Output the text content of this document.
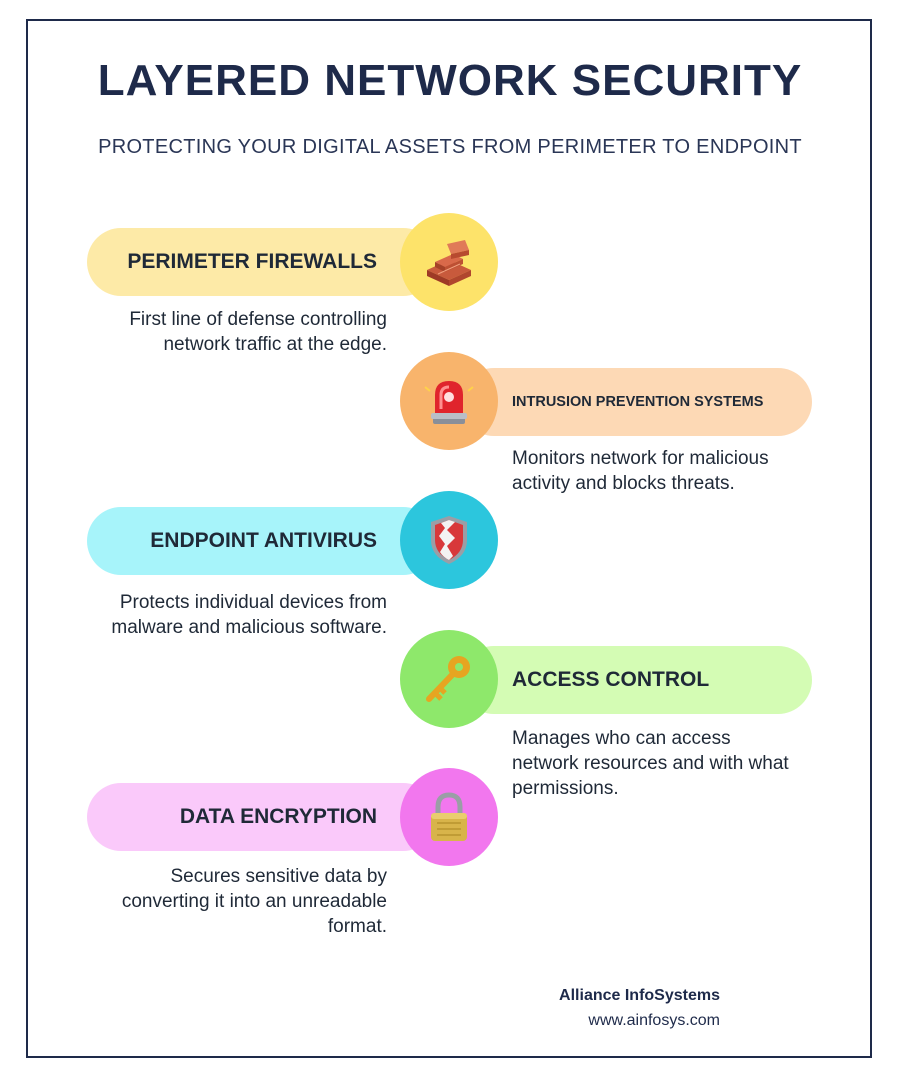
LAYERED NETWORK SECURITY
PROTECTING YOUR DIGITAL ASSETS FROM PERIMETER TO ENDPOINT
PERIMETER FIREWALLS
First line of defense controlling network traffic at the edge.
INTRUSION PREVENTION SYSTEMS
Monitors network for malicious activity and blocks threats.
ENDPOINT ANTIVIRUS
Protects individual devices from malware and malicious software.
ACCESS CONTROL
Manages who can access network resources and with what permissions.
DATA ENCRYPTION
Secures sensitive data by converting it into an unreadable format.
Alliance InfoSystems
www.ainfosys.com
